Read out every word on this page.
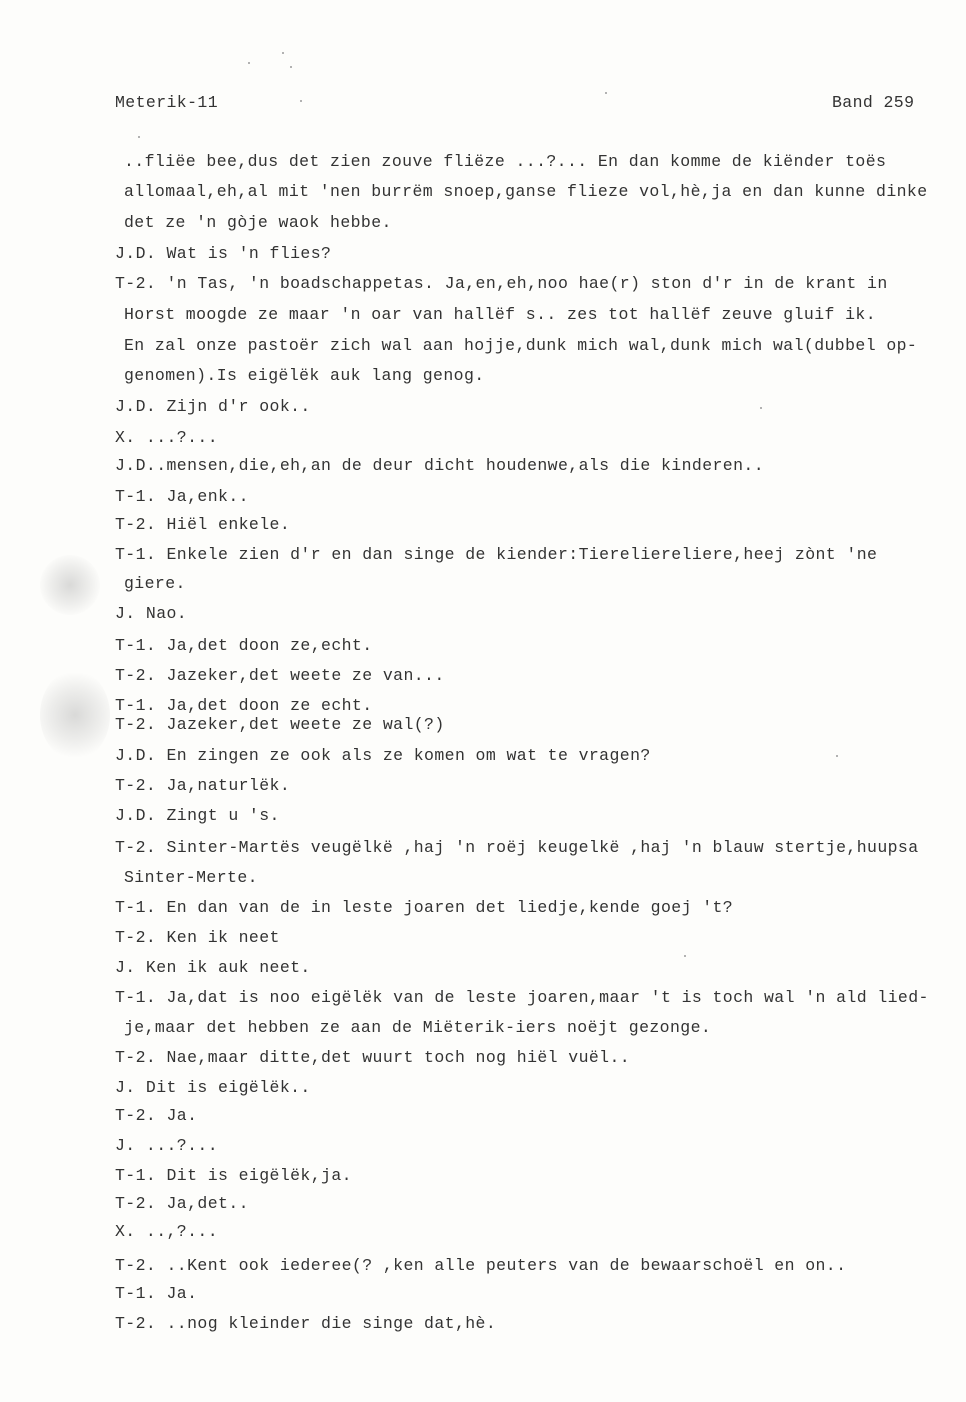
Meterik-11	Band 259
..fliëe bee,dus det zien zouve fliëze ...?... En dan komme de kiënder toës
allomaal,eh,al mit 'nen burrëm snoep,ganse flieze vol,hè,ja en dan kunne dinke
det ze 'n gòje waok hebbe.
J.D. Wat is 'n flies?
T-2. 'n Tas, 'n boadschappetas. Ja,en,eh,noo hae(r) ston d'r in de krant in
Horst moogde ze maar 'n oar van hallëf s.. zes tot hallëf zeuve gluif ik.
En zal onze pastoër zich wal aan hojje,dunk mich wal,dunk mich wal(dubbel op-
genomen).Is eigëlëk auk lang genog.
J.D. Zijn d'r ook..
X. ...?...
J.D..mensen,die,eh,an de deur dicht houdenwe,als die kinderen..
T-1. Ja,enk..
T-2. Hiël enkele.
T-1. Enkele zien d'r en dan singe de kiender:Tiereliereliere,heej zònt 'ne
giere.
J. Nao.
T-1. Ja,det doon ze,echt.
T-2. Jazeker,det weete ze van...
T-1. Ja,det doon ze echt.
T-2. Jazeker,det weete ze wal(?)
J.D. En zingen ze ook als ze komen om wat te vragen?
T-2. Ja,naturlëk.
J.D. Zingt u 's.
T-2. Sinter-Martës veugëlkë ,haj 'n roëj keugelkë ,haj 'n blauw stertje,huupsa
Sinter-Merte.
T-1. En dan van de in leste joaren det liedje,kende goej 't?
T-2. Ken ik neet
J. Ken ik auk neet.
T-1. Ja,dat is noo eigëlëk van de leste joaren,maar 't is toch wal 'n ald lied-
je,maar det hebben ze aan de Miëterik-iers noëjt gezonge.
T-2. Nae,maar ditte,det wuurt toch nog hiël vuël..
J. Dit is eigëlëk..
T-2. Ja.
J. ...?...
T-1. Dit is eigëlëk,ja.
T-2. Ja,det..
X. ..,?...
T-2. ..Kent ook iederee(? ,ken alle peuters van de bewaarschoël en on..
T-1. Ja.
T-2. ..nog kleinder die singe dat,hè.
